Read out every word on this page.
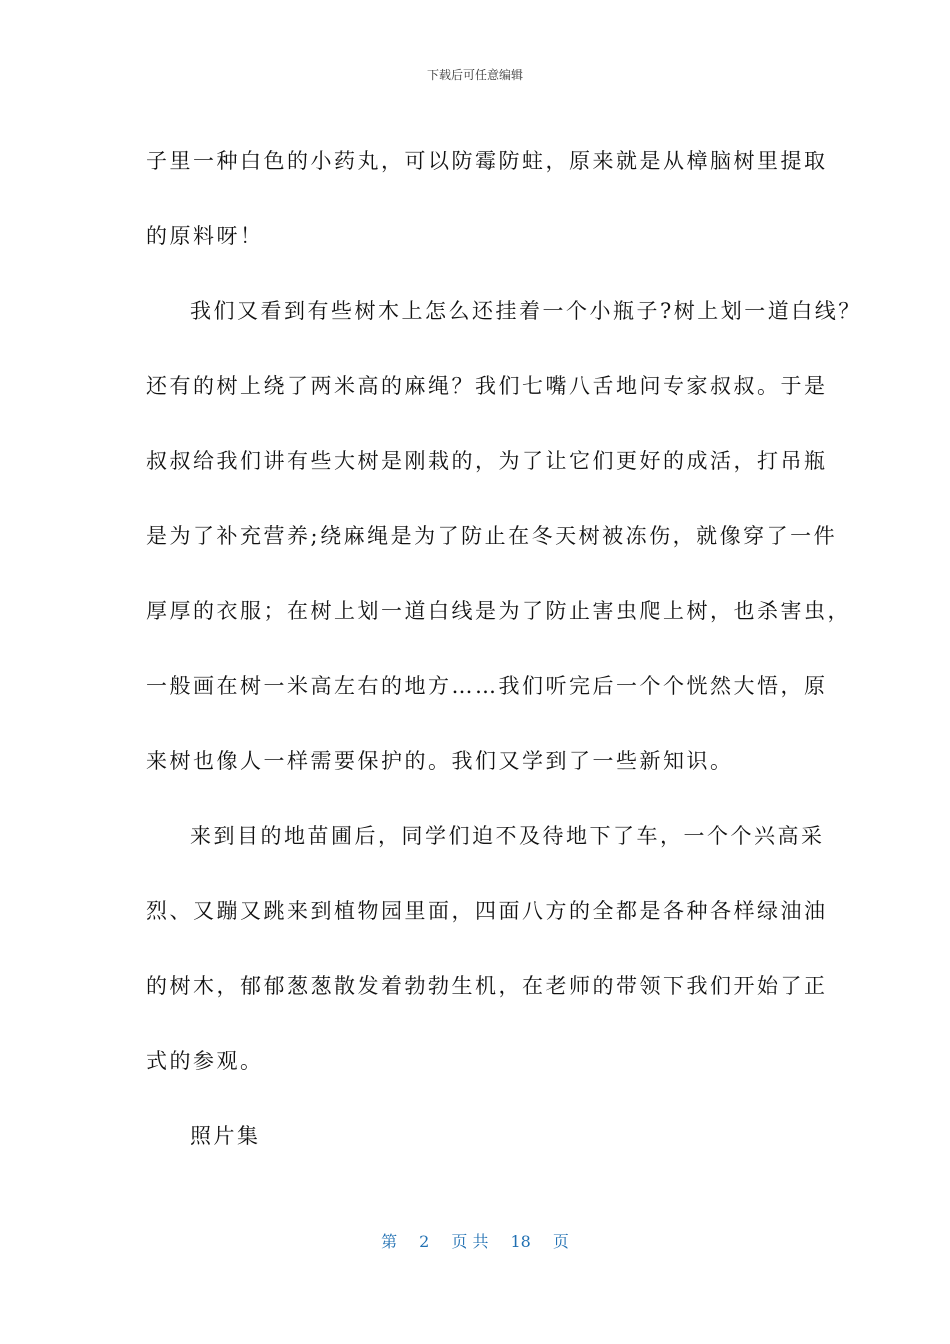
下载后可任意编辑
子里一种白色的小药丸，可以防霉防蛀，原来就是从樟脑树里提取
的原料呀！
我们又看到有些树木上怎么还挂着一个小瓶子?树上划一道白线？
还有的树上绕了两米高的麻绳？我们七嘴八舌地问专家叔叔。于是
叔叔给我们讲有些大树是刚栽的，为了让它们更好的成活，打吊瓶
是为了补充营养;绕麻绳是为了防止在冬天树被冻伤，就像穿了一件
厚厚的衣服；在树上划一道白线是为了防止害虫爬上树，也杀害虫，
一般画在树一米高左右的地方……我们听完后一个个恍然大悟，原
来树也像人一样需要保护的。我们又学到了一些新知识。
来到目的地苗圃后，同学们迫不及待地下了车，一个个兴高采
烈、又蹦又跳来到植物园里面，四面八方的全都是各种各样绿油油
的树木，郁郁葱葱散发着勃勃生机，在老师的带领下我们开始了正
式的参观。
照片集
第 2 页 共 18 页
